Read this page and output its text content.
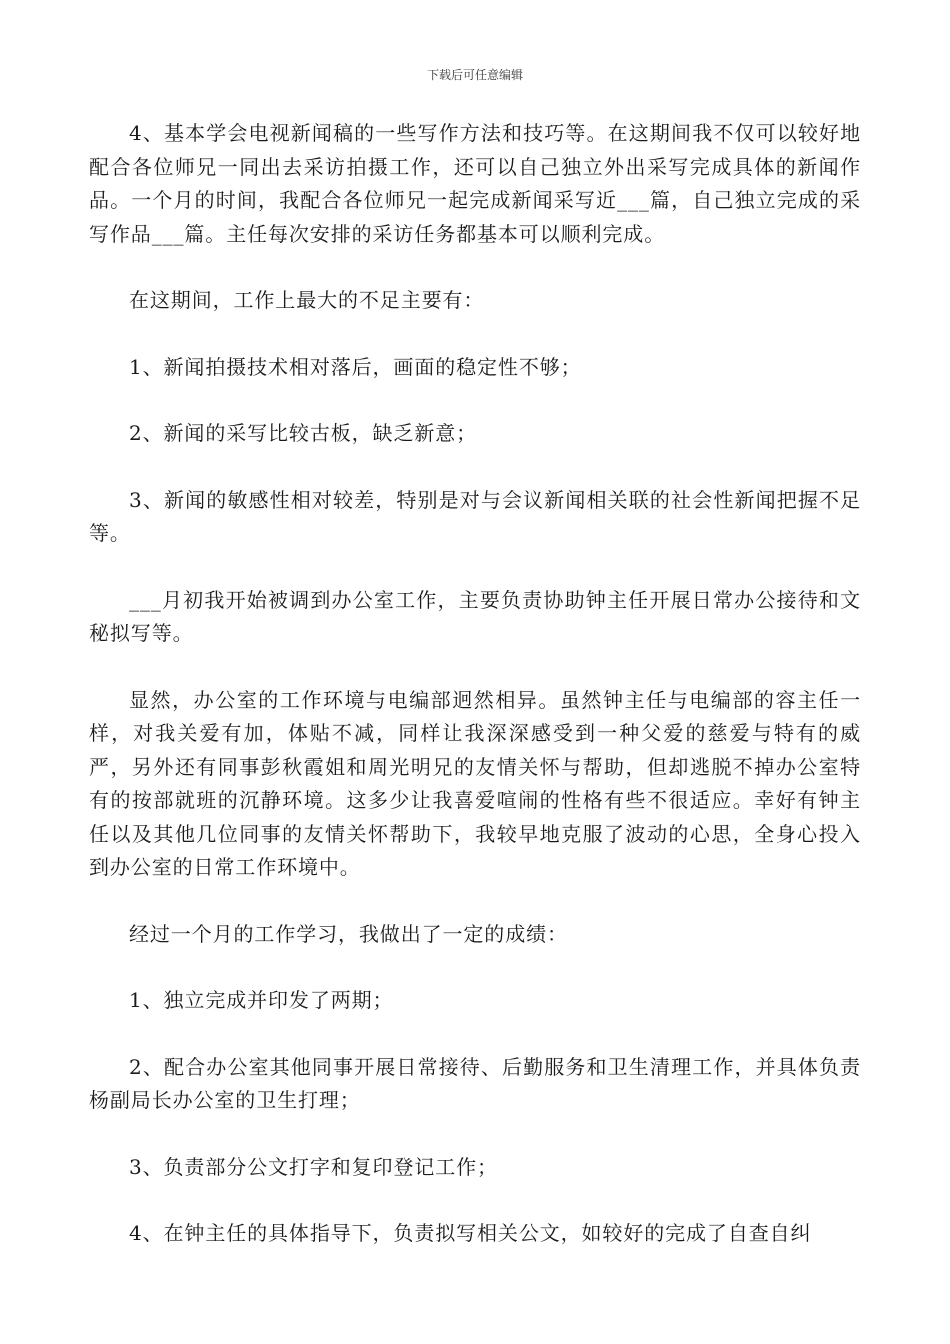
下载后可任意编辑

4、基本学会电视新闻稿的一些写作方法和技巧等。在这期间我不仅可以较好地配合各位师兄一同出去采访拍摄工作，还可以自己独立外出采写完成具体的新闻作品。一个月的时间，我配合各位师兄一起完成新闻采写近___篇，自己独立完成的采写作品___篇。主任每次安排的采访任务都基本可以顺利完成。

在这期间，工作上最大的不足主要有：

1、新闻拍摄技术相对落后，画面的稳定性不够；

2、新闻的采写比较古板，缺乏新意；

3、新闻的敏感性相对较差，特别是对与会议新闻相关联的社会性新闻把握不足等。

___月初我开始被调到办公室工作，主要负责协助钟主任开展日常办公接待和文秘拟写等。

显然，办公室的工作环境与电编部迥然相异。虽然钟主任与电编部的容主任一样，对我关爱有加，体贴不减，同样让我深深感受到一种父爱的慈爱与特有的威严，另外还有同事彭秋霞姐和周光明兄的友情关怀与帮助，但却逃脱不掉办公室特有的按部就班的沉静环境。这多少让我喜爱喧闹的性格有些不很适应。幸好有钟主任以及其他几位同事的友情关怀帮助下，我较早地克服了波动的心思，全身心投入到办公室的日常工作环境中。

经过一个月的工作学习，我做出了一定的成绩：

1、独立完成并印发了两期；

2、配合办公室其他同事开展日常接待、后勤服务和卫生清理工作，并具体负责杨副局长办公室的卫生打理；

3、负责部分公文打字和复印登记工作；

4、在钟主任的具体指导下，负责拟写相关公文，如较好的完成了自查自纠
